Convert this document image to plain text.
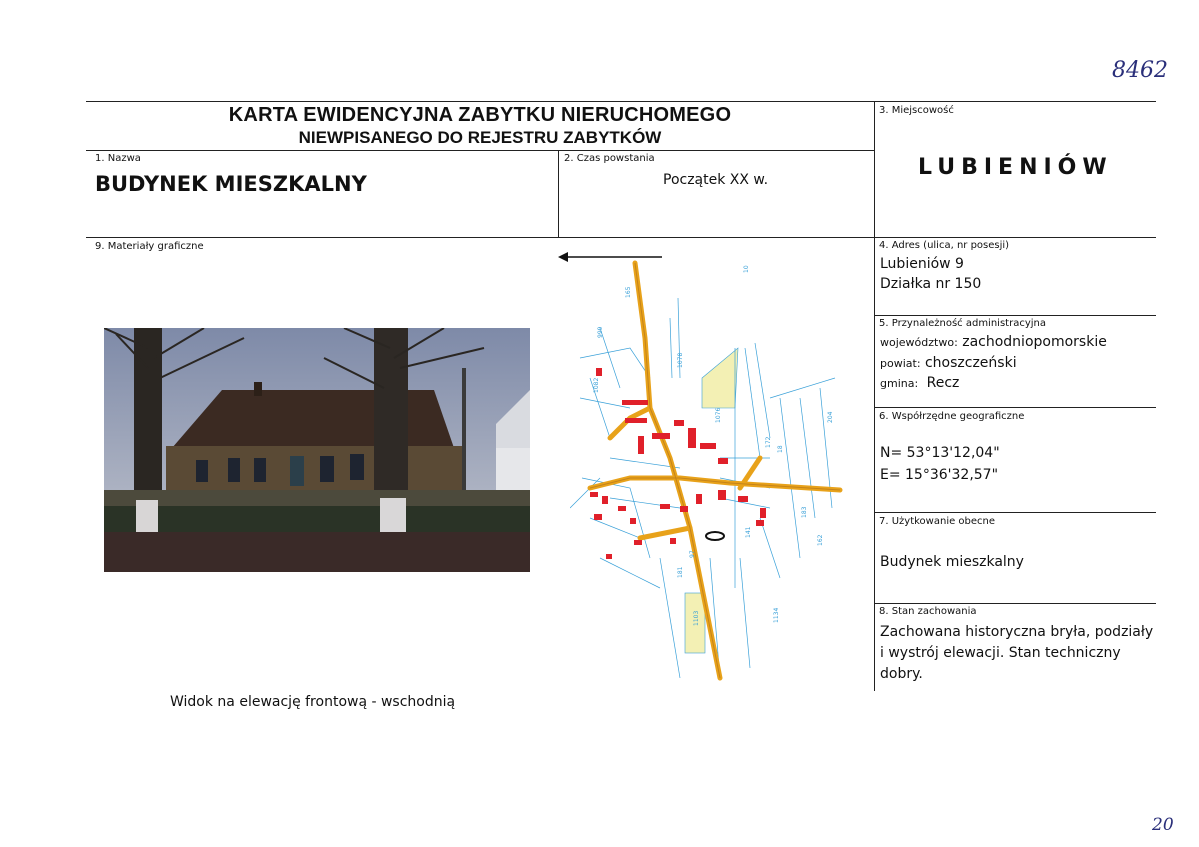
8462
20
KARTA EWIDENCYJNA ZABYTKU NIERUCHOMEGO
NIEWPISANEGO DO REJESTRU ZABYTKÓW
1. Nazwa
BUDYNEK MIESZKALNY
2. Czas powstania
Początek XX w.
3. Miejscowość
LUBIENIÓW
4. Adres (ulica, nr posesji)
Lubieniów 9
Działka nr 150
5. Przynależność administracyjna
województwo: zachodniopomorskie
powiat: choszczeński
gmina: Recz
6. Współrzędne geograficzne
N= 53°13'12,04"
E= 15°36'32,57"
7. Użytkowanie obecne
Budynek mieszkalny
8. Stan zachowania
Zachowana historyczna bryła, podziały
i wystrój elewacji. Stan techniczny
dobry.
9. Materiały graficzne
Widok na elewację frontową - wschodnią
10
165
999
1078
1082
1076
172
18
204
183
1103	1134
162
181
97
141
